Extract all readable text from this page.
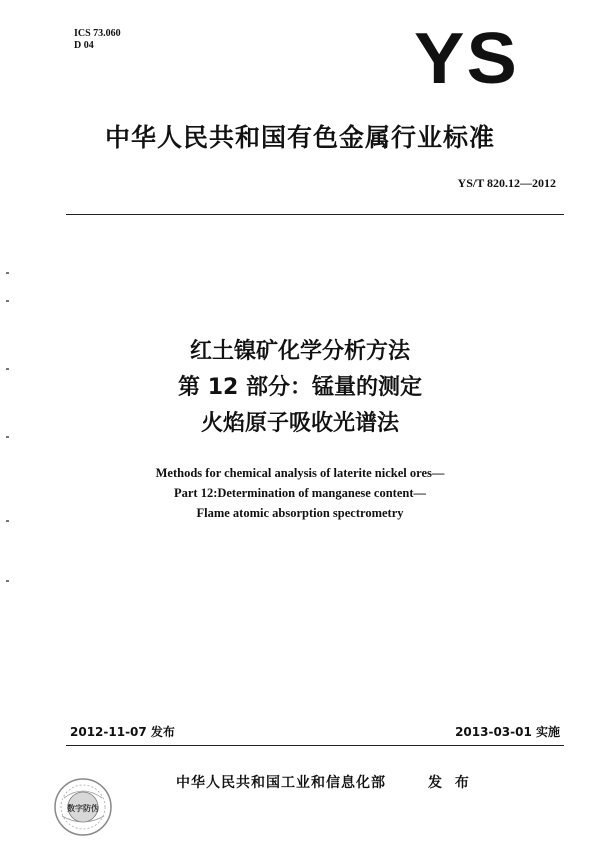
ICS 73.060
D 04	YS
中华人民共和国有色金属行业标准
YS/T 820.12—2012
红土镍矿化学分析方法
第 12 部分：锰量的测定
火焰原子吸收光谱法
Methods for chemical analysis of laterite nickel ores—
Part 12:Determination of manganese content—
Flame atomic absorption spectrometry
2012-11-07 发布	2013-03-01 实施
数字防伪
中华人民共和国工业和信息化部	发 布
